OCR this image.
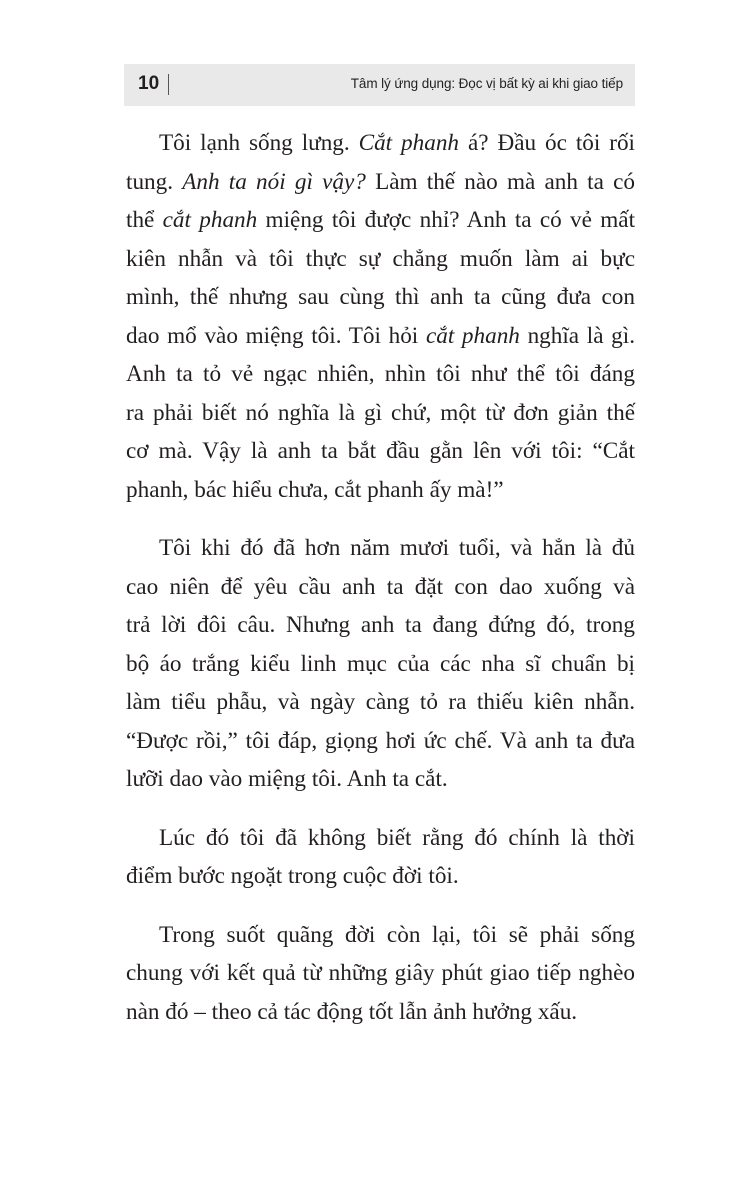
10	Tâm lý ứng dụng: Đọc vị bất kỳ ai khi giao tiếp

Tôi lạnh sống lưng. Cắt phanh á? Đầu óc tôi rối
tung. Anh ta nói gì vậy? Làm thế nào mà anh ta có
thể cắt phanh miệng tôi được nhỉ? Anh ta có vẻ mất
kiên nhẫn và tôi thực sự chẳng muốn làm ai bực
mình, thế nhưng sau cùng thì anh ta cũng đưa con
dao mổ vào miệng tôi. Tôi hỏi cắt phanh nghĩa là gì.
Anh ta tỏ vẻ ngạc nhiên, nhìn tôi như thể tôi đáng
ra phải biết nó nghĩa là gì chứ, một từ đơn giản thế
cơ mà. Vậy là anh ta bắt đầu gằn lên với tôi: “Cắt
phanh, bác hiểu chưa, cắt phanh ấy mà!”

Tôi khi đó đã hơn năm mươi tuổi, và hẳn là đủ
cao niên để yêu cầu anh ta đặt con dao xuống và
trả lời đôi câu. Nhưng anh ta đang đứng đó, trong
bộ áo trắng kiểu linh mục của các nha sĩ chuẩn bị
làm tiểu phẫu, và ngày càng tỏ ra thiếu kiên nhẫn.
“Được rồi,” tôi đáp, giọng hơi ức chế. Và anh ta đưa
lưỡi dao vào miệng tôi. Anh ta cắt.

Lúc đó tôi đã không biết rằng đó chính là thời
điểm bước ngoặt trong cuộc đời tôi.

Trong suốt quãng đời còn lại, tôi sẽ phải sống
chung với kết quả từ những giây phút giao tiếp nghèo
nàn đó – theo cả tác động tốt lẫn ảnh hưởng xấu.
